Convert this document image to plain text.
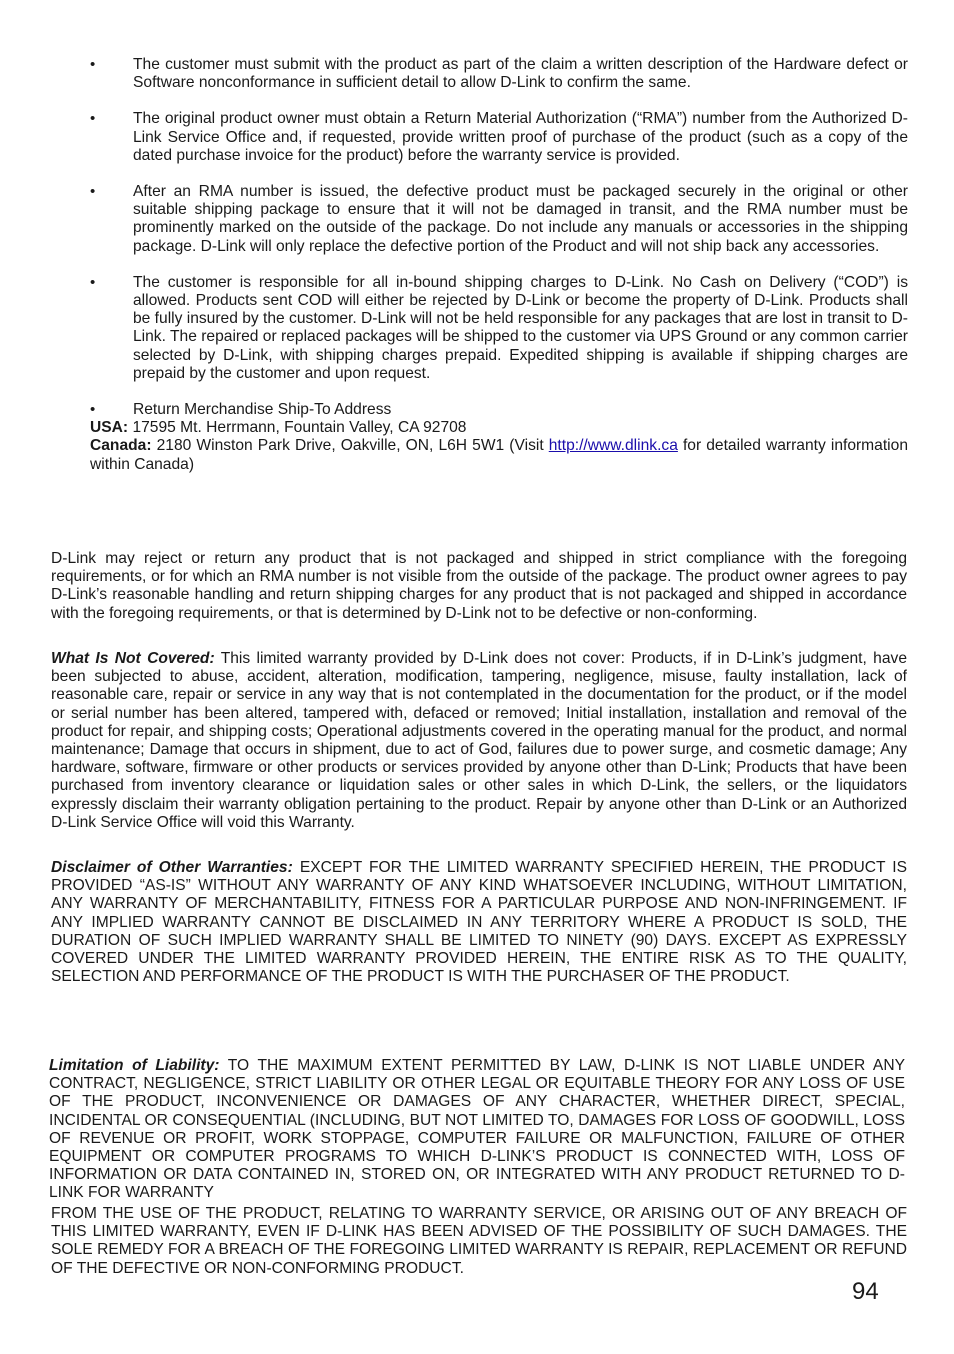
•	The customer must submit with the product as part of the claim a written description of the Hardware defect or Software nonconformance in sufficient detail to allow D-Link to confirm the same.
•	The original product owner must obtain a Return Material Authorization (“RMA”) number from the Authorized D-Link Service Office and, if requested, provide written proof of purchase of the product (such as a copy of the dated purchase invoice for the product) before the warranty service is provided.
•	After an RMA number is issued, the defective product must be packaged securely in the original or other suitable shipping package to ensure that it will not be damaged in transit, and the RMA number must be prominently marked on the outside of the package. Do not include any manuals or accessories in the shipping package. D-Link will only replace the defective portion of the Product and will not ship back any accessories.
•	The customer is responsible for all in-bound shipping charges to D-Link. No Cash on Delivery (“COD”) is allowed. Products sent COD will either be rejected by D-Link or become the property of D-Link. Products shall be fully insured by the customer. D-Link will not be held responsible for any packages that are lost in transit to D-Link. The repaired or replaced packages will be shipped to the customer via UPS Ground or any common carrier selected by D-Link, with shipping charges prepaid. Expedited shipping is available if shipping charges are prepaid by the customer and upon request.
•	Return Merchandise Ship-To Address
USA: 17595 Mt. Herrmann, Fountain Valley, CA 92708
Canada: 2180 Winston Park Drive, Oakville, ON, L6H 5W1 (Visit http://www.dlink.ca for detailed warranty information within Canada)

D-Link may reject or return any product that is not packaged and shipped in strict compliance with the foregoing requirements, or for which an RMA number is not visible from the outside of the package. The product owner agrees to pay D-Link’s reasonable handling and return shipping charges for any product that is not packaged and shipped in accordance with the foregoing requirements, or that is determined by D-Link not to be defective or non-conforming.

What Is Not Covered: This limited warranty provided by D-Link does not cover: Products, if in D-Link’s judgment, have been subjected to abuse, accident, alteration, modification, tampering, negligence, misuse, faulty installation, lack of reasonable care, repair or service in any way that is not contemplated in the documentation for the product, or if the model or serial number has been altered, tampered with, defaced or removed; Initial installation, installation and removal of the product for repair, and shipping costs; Operational adjustments covered in the operating manual for the product, and normal maintenance; Damage that occurs in shipment, due to act of God, failures due to power surge, and cosmetic damage; Any hardware, software, firmware or other products or services provided by anyone other than D-Link; Products that have been purchased from inventory clearance or liquidation sales or other sales in which D-Link, the sellers, or the liquidators expressly disclaim their warranty obligation pertaining to the product. Repair by anyone other than D-Link or an Authorized D-Link Service Office will void this Warranty.

Disclaimer of Other Warranties: EXCEPT FOR THE LIMITED WARRANTY SPECIFIED HEREIN, THE PRODUCT IS PROVIDED “AS-IS” WITHOUT ANY WARRANTY OF ANY KIND WHATSOEVER INCLUDING, WITHOUT LIMITATION, ANY WARRANTY OF MERCHANTABILITY, FITNESS FOR A PARTICULAR PURPOSE AND NON-INFRINGEMENT. IF ANY IMPLIED WARRANTY CANNOT BE DISCLAIMED IN ANY TERRITORY WHERE A PRODUCT IS SOLD, THE DURATION OF SUCH IMPLIED WARRANTY SHALL BE LIMITED TO NINETY (90) DAYS. EXCEPT AS EXPRESSLY COVERED UNDER THE LIMITED WARRANTY PROVIDED HEREIN, THE ENTIRE RISK AS TO THE QUALITY, SELECTION AND PERFORMANCE OF THE PRODUCT IS WITH THE PURCHASER OF THE PRODUCT.

Limitation of Liability: TO THE MAXIMUM EXTENT PERMITTED BY LAW, D-LINK IS NOT LIABLE UNDER ANY CONTRACT, NEGLIGENCE, STRICT LIABILITY OR OTHER LEGAL OR EQUITABLE THEORY FOR ANY LOSS OF USE OF THE PRODUCT, INCONVENIENCE OR DAMAGES OF ANY CHARACTER, WHETHER DIRECT, SPECIAL, INCIDENTAL OR CONSEQUENTIAL (INCLUDING, BUT NOT LIMITED TO, DAMAGES FOR LOSS OF GOODWILL, LOSS OF REVENUE OR PROFIT, WORK STOPPAGE, COMPUTER FAILURE OR MALFUNCTION, FAILURE OF OTHER EQUIPMENT OR COMPUTER PROGRAMS TO WHICH D-LINK’S PRODUCT IS CONNECTED WITH, LOSS OF INFORMATION OR DATA CONTAINED IN, STORED ON, OR INTEGRATED WITH ANY PRODUCT RETURNED TO D-LINK FOR WARRANTY

FROM THE USE OF THE PRODUCT, RELATING TO WARRANTY SERVICE, OR ARISING OUT OF ANY BREACH OF THIS LIMITED WARRANTY, EVEN IF D-LINK HAS BEEN ADVISED OF THE POSSIBILITY OF SUCH DAMAGES. THE SOLE REMEDY FOR A BREACH OF THE FOREGOING LIMITED WARRANTY IS REPAIR, REPLACEMENT OR REFUND OF THE DEFECTIVE OR NON-CONFORMING PRODUCT.

94
